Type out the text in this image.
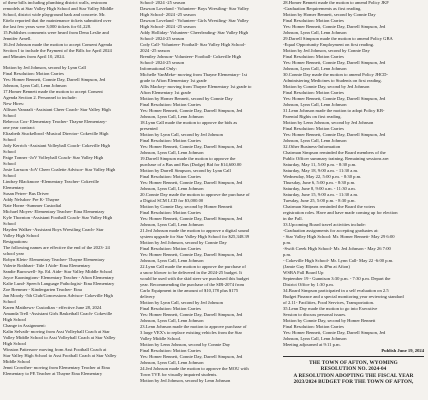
of these bills including plumbing district walls, restroom

remodels at Star Valley High School and Star Valley Middle

School, district wide playground bark and concrete. Mr.

Eitelo reported that the maintenance tickets submitted over

the last few years were 3,000 tickets for 61,228.

15.Publishes comments were heard from Dena Leslie and

Jennifer Arnell.

16.Jed Johnson made the motion to accept Consent Agenda

Section I to include the Payment of the Bills for April 2024

and Minutes from April 10, 2024.

Motion by Jed Johnson, second by Lynn Call

Final Resolution: Motion Carries

Yes: Homer Bennett, Connie Day, Darrell Simpson, Jed

Johnson, Lynn Call, Lenn Johnson

17.Homer Bennett made the motion to accept Consent

Agenda Section 2. Personnel to include:

New Hires:

Allison Vanraalt -Assistant Cheer Coach- Star Valley High

School

Rebecca Cox- Elementary Teacher- Thayne Elementary-

one year contract

Elizabeth Stuckelbrod -Musical Director- Cokeville High

School

Jody Kerrich -Assistant Volleyball Coach- Cokeville High

School

Paige Tonner -JoV Volleyball Coach- Star Valley High

School

Josie Larsson -JoV Cheer Coalette Advisor- Star Valley High

School

Lindsey Blackmore -Elementary Teacher- Cokeville

Elementary

Susan Petrer- Bus Driver

Addy Nelsdon- Pre K- Thayne

Nate Horne -Summer Custodial

Michael Moyes- Elementary Teacher- Etna Elementary

Kyle Thornton -Assistant Football Coach- Star Valley High

School

Hayden Walker -Assistant Boys Wrestling Coach- Star

Valley High School

Resignations:

The following names are effective the end of the 2023- 24

school year

Robyn Klein- Elementary Teacher- Thayne Elementary

Valerie Rothbart- Title I Aide- Etna Elementary

Sandie Burrowell- Sp. Ed. Aide- Star Valley Middle School

Joyce Kaoningtons- Elementary Teacher - Afton Elementary

Kalie Lund- Speech Language Pathologist- Etna Elementary

Zoe Brenmer - Kindergarten Teacher- Etna

Jan Moody -5th Club/Concessions Advisor- Cokeville High

School

Karen Matthews- Custodian - effective June 28, 2024

Amanda Trell -Assistant Girls Basketball Coach- Cokeville

High School

Change in Assignment:

Kalin Selvaih- moving from Asst Volleyball Coach at Star

Valley Middle School to Asst Volleyball Coach at Star Valley

High School

Winston Patterson- moving from Asst Football Coach at

Star Valley High School to Asst Football Coach at Star Valley

Middle School

Jenni Crowther- moving from Elementary Teacher at Etna

Elementary to PE Teacher at Thayne Etna Elementary

School- 2024 -25 season

Dawson Loveland - Volunteer- Boys Wrestling- Star Valley

High School- 2024 -25 season

Dawson Loveland - Volunteer- Girls Wrestling- Star Valley

High School- 2024 -25 season

Addy Holliday- Volunteer- Cheerleading- Star Valley High

School- 2024-25 season

Cody Call- Volunteer- Football- Star Valley High School-

2024 -25 season

Brentley Johnson- Volunteer- Football- Cokeville High

School- 2024-25 season

Informational Only:

Michelle VanMeke- moving from Thayne Elementary- 1st

grade to Afton Elementary 1st grade

Allis Mackey- moving from Thayne Elementary 1st grade to

Afton Elementary 1st grade

Motion by Homer Bennett, second by Connie Day

Final Resolution: Motion Carries

Yes: Homer Bennett, Connie Day, Darrell Simpson, Jed

Johnson, Lynn Call, Lenn Johnson

18.Lynn Call made the motion to approve the bids as

presented

Motion by Lynn Call, second by Jed Johnson

Final Resolution: Motion Carries

Yes: Homer Bennett, Connie Day, Darrell Simpson, Jed

Johnson, Lynn Call, Lenn Johnson

19.Darrell Simpson made the motion to approve the

purchase of a Bus and Bus (Dodge) Bid for $14,600.00

Motion by Darrell Simpson, second by Lynn Call

Final Resolution: Motion Carries

Yes: Homer Bennett, Connie Day, Darrell Simpson, Jed

Johnson, Lynn Call, Lenn Johnson

20.Connie Day made the motion to approve the purchase of

a Digital SCM LCD for $3,000.00

Motion by Connie Day, second by Homer Bennett

Final Resolution: Motion Carries

Yes: Homer Bennett, Connie Day, Darrell Simpson, Jed

Johnson, Lynn Call, Lenn Johnson

21.Jed Johnson made the motion to approve a digital sound

system upgrade for Star Valley High School for $25,348.39

Motion by Jed Johnson, second by Connie Day

Final Resolution: Motion Carries

Yes: Homer Bennett, Connie Day, Darrell Simpson, Jed

Johnson, Lynn Call, Lenn Johnson

22.Lynn Call made the motion to approve the purchase of

a snow blower to be delivered in the 2024-25 budget. It

would be used with the skid steer we purchased this budget

year. Recommending the purchase of the SIR-2074 from

Carlo Equipment in the amount of $10,178 plus $175

delivery

Motion by Lynn Call, second by Jed Johnson

Final Resolution: Motion Carries

Yes: Homer Bennett, Connie Day, Darrell Simpson, Jed

Johnson, Lynn Call, Lenn Johnson

23.Lenn Johnson made the motion to approve purchase of

3 large VEX's to replace existing vehicles from the Star

Valley Middle School.

Motion by Lenn Johnson, second by Connie Day

Final Resolution: Motion Carries

Yes: Homer Bennett, Connie Day, Darrell Simpson, Jed

Johnson, Lynn Call, Lenn Johnson

24.Jed Johnson made the motion to approve the MOU with

Town TVE for visually impaired students.

Motion by Jed Johnson, second by Lenn Johnson

28.Homer Bennett made the motion to amend Policy JKF

-Graduation Requirements as first reading.

Motion by Homer Bennett, second by Connie Day

Final Resolution: Motion Carries

Yes: Homer Bennett, Connie Day, Darrell Simpson, Jed

Johnson, Lynn Call, Lenn Johnson

29.Darrell Simpson made the motion to amend Policy GBA

-Equal Opportunity Employment on first reading.

Motion by Jed Johnson, second by Connie Day

Final Resolution: Motion Carries

Yes: Homer Bennett, Connie Day, Darrell Simpson, Jed

Johnson, Lynn Call, Lenn Johnson

30.Connie Day made the motion to amend Policy JHCD-

Administering Medicines to Students on first reading.

Motion by Connie Day, second by Jed Johnson

Final Resolution: Motion Carries

Yes: Homer Bennett, Connie Day, Darrell Simpson, Jed

Johnson, Lynn Call, Lenn Johnson

31.Lenn Johnson made the motion to adopt Policy KB-

Parental Rights on first reading.

Motion by Lenn Johnson, second by Jed Johnson

Final Resolution: Motion Carries

Yes: Homer Bennett, Connie Day, Darrell Simpson, Jed

Johnson, Lynn Call, Lenn Johnson

32.Other Business-Information

Chairman Simpson reminded the Board members of the

Public Officer summary training. Remaining sessions are:

Saturday, May 11, 5:00 p.m. - 8:30 p.m.

Saturday, May 18, 9:00 a.m. - 11:30 a.m.

Wednesday, May 22, 5:00 p.m. - 8:30 p.m.

Thursday, June 6, 5:00 p.m. - 8:30 p.m.

Saturday, June 8, 9:00 a.m. - 11:30 a.m.

Saturday, June 15, 9:00 a.m. - 11:30 a.m.

Tuesday, June 25, 5:00 p.m. - 8:30 p.m.

Chairman Simpson reminded the Board the voters

registration roles. Have and have made coming up for election

in the Fall.

33.Upcoming Board travel activities include:

-Graduation assignments for accepting graduates at:

- Star Valley High School: Mr. Homer Bennett- May 29 6:00

p.m.

-Swift Creek High School- Mr. Jed Johnson - May 26 7:00

p.m.

- Cokeville High School- Mr. Lynn Call- May 22 -6:00 p.m.

(Jamie Guy Elberts is 4Pm at Afton)

WSBA Fall Board Up

September 19 - Gunnison 3:30 p.m. - 7:30 p.m. Depart the

District Office by 1:30 p.m.

34.Board Simpson participated in a self evaluation on 2.5

Budget Finance and a special monitoring year reviewing standard

of 2.11- Facilities, Food Services, Transportation.

35.Lenn Day made the motion to go into Executive

Session to discuss personal issues.

Motion by Connie Day, second by Homer Bennett

Final Resolution: Motion Carries

Yes: Homer Bennett, Connie Day, Darrell Simpson, Jed

Johnson, Lynn Call, Lenn Johnson

Meeting adjourned at 9:11 p.m.

Publish June 19, 2024

THE TOWN OF AFTON, WYOMING

RESOLUTION NO. 2024-04

A RESOLUTION ADOPTING THE FISCAL YEAR

2023/2024 BUDGET FOR THE TOWN OF AFTON,
